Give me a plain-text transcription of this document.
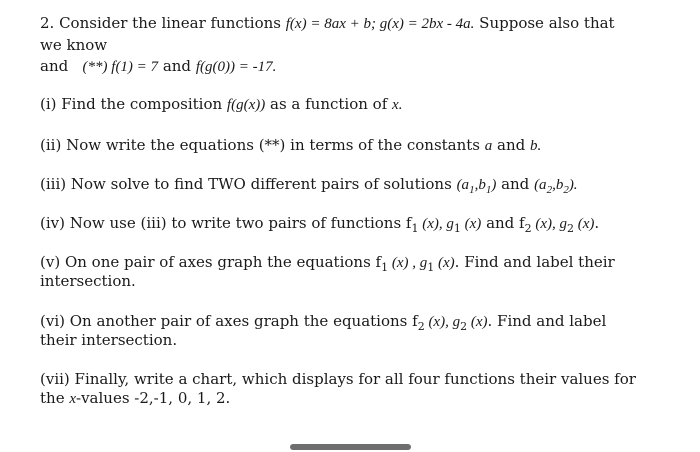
2. Consider the linear functions f(x) = 8ax + b; g(x) = 2bx - 4a. Suppose also that
we know
and (**) f(1) = 7 and f(g(0)) = -17.
(i) Find the composition f(g(x)) as a function of x.
(ii) Now write the equations (**) in terms of the constants a and b.
(iii) Now solve to find TWO different pairs of solutions $(a_1,b_1)$ and $(a_2,b_2)$.
(iv) Now use (iii) to write two pairs of functions $f_1$ (x), $g_1$ (x) and $f_2$ (x), $g_2$ (x).
(v) On one pair of axes graph the equations $f_1$ (x) , $g_1$ (x). Find and label their
intersection.
(vi) On another pair of axes graph the equations $f_2$ (x), $g_2$ (x). Find and label
their intersection.
(vii) Finally, write a chart, which displays for all four functions their values for
the x-values -2,-1, 0, 1, 2.
